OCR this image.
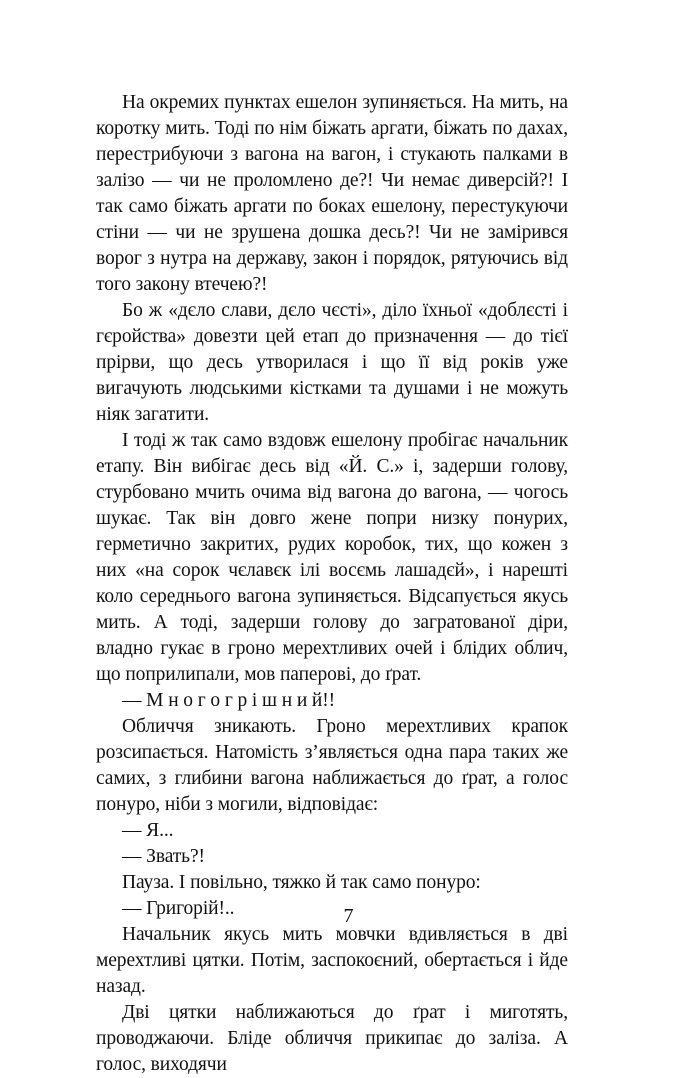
На окремих пунктах ешелон зупиняється. На мить, на коротку мить. Тоді по нім біжать аргати, біжать по дахах, перестрибуючи з вагона на вагон, і стукають палками в залізо — чи не проломлено де?! Чи немає диверсій?! І так само біжать аргати по боках ешелону, перестукуючи стіни — чи не зрушена дошка десь?! Чи не замірився ворог з нутра на державу, закон і порядок, рятуючись від того закону втечею?!

Бо ж «дєло слави, дєло чєсті», діло їхньої «доблєсті і гєройства» довезти цей етап до призначення — до тієї прірви, що десь утворилася і що її від років уже вигачують людськими кістками та душами і не можуть ніяк загатити.

І тоді ж так само вздовж ешелону пробігає начальник етапу. Він вибігає десь від «Й. С.» і, задерши голову, стурбовано мчить очима від вагона до вагона, — чогось шукає. Так він довго жене попри низку понурих, герметично закритих, рудих коробок, тих, що кожен з них «на сорок чєлавєк ілі восємь лашадєй», і нарешті коло середнього вагона зупиняється. Відсапується якусь мить. А тоді, задерши голову до загратованої діри, владно гукає в гроно мерехтливих очей і блідих облич, що поприлипали, мов паперові, до ґрат.

— М н о г о г р і ш н и й!!

Обличчя зникають. Гроно мерехтливих крапок розсипається. Натомість з’являється одна пара таких же самих, з глибини вагона наближається до ґрат, а голос понуро, ніби з могили, відповідає:

— Я...

— Звать?!

Пауза. І повільно, тяжко й так само понуро:

— Григорій!..

Начальник якусь мить мовчки вдивляється в дві мерехтливі цятки. Потім, заспокоєний, обертається і йде назад.

Дві цятки наближаються до ґрат і миготять, проводжаючи. Бліде обличчя прикипає до заліза. А голос, виходячи

7
